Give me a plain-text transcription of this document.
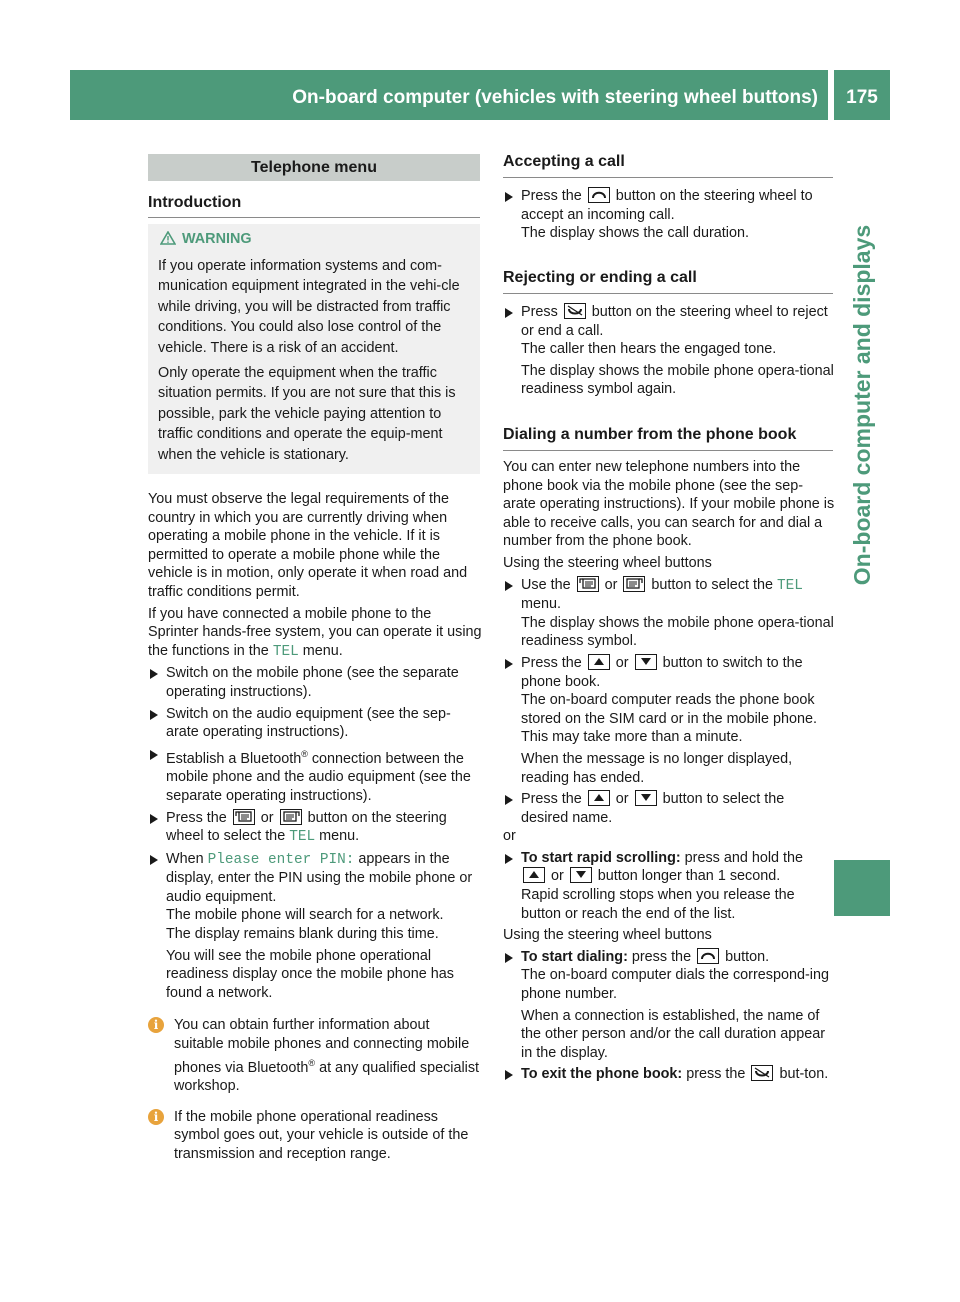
On-board computer (vehicles with steering wheel buttons)	175
On-board computer and displays
Telephone menu
Introduction
WARNING

If you operate information systems and com-munication equipment integrated in the vehi-cle while driving, you will be distracted from traffic conditions. You could also lose control of the vehicle. There is a risk of an accident.

Only operate the equipment when the traffic situation permits. If you are not sure that this is possible, park the vehicle paying attention to traffic conditions and operate the equip-ment when the vehicle is stationary.

You must observe the legal requirements of the country in which you are currently driving when operating a mobile phone in the vehicle. If it is permitted to operate a mobile phone while the vehicle is in motion, only operate it when road and traffic conditions permit.

If you have connected a mobile phone to the Sprinter hands-free system, you can operate it using the functions in the TEL menu.

Switch on the mobile phone (see the separate operating instructions).
Switch on the audio equipment (see the sep-arate operating instructions).
Establish a Bluetooth® connection between the mobile phone and the audio equipment (see the separate operating instructions).
Press the or button on the steering wheel to select the TEL menu.
When Please enter PIN: appears in the display, enter the PIN using the mobile phone or audio equipment.
The mobile phone will search for a network.
The display remains blank during this time.

You will see the mobile phone operational readiness display once the mobile phone has found a network.

i	You can obtain further information about suitable mobile phones and connecting mobile phones via Bluetooth® at any qualified specialist workshop.
i	If the mobile phone operational readiness symbol goes out, your vehicle is outside of the transmission and reception range.
Accepting a call
Press the button on the steering wheel to accept an incoming call.
The display shows the call duration.
Rejecting or ending a call
Press button on the steering wheel to reject or end a call.
The caller then hears the engaged tone.

The display shows the mobile phone opera-tional readiness symbol again.

Dialing a number from the phone book

You can enter new telephone numbers into the phone book via the mobile phone (see the sep-arate operating instructions). If your mobile phone is able to receive calls, you can search for and dial a number from the phone book.

Using the steering wheel buttons

Use the or button to select the TEL menu.
The display shows the mobile phone opera-tional readiness symbol.
Press the or button to switch to the phone book.
The on-board computer reads the phone book stored on the SIM card or in the mobile phone. This may take more than a minute.

When the message is no longer displayed, reading has ended.

Press the or button to select the desired name.

or

To start rapid scrolling: press and hold the

or button longer than 1 second.
Rapid scrolling stops when you release the button or reach the end of the list.

Using the steering wheel buttons

To start dialing: press the button.
The on-board computer dials the correspond-ing phone number.

When a connection is established, the name of the other person and/or the call duration appear in the display.

To exit the phone book: press the but-ton.
